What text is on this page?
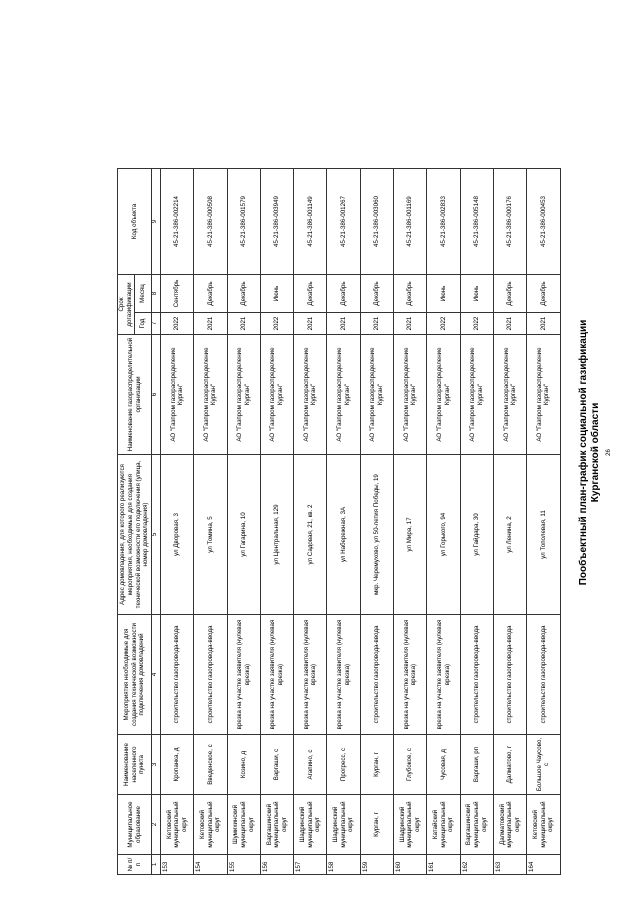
26
Пообъектный план-график социальной газификации Курганской области
№ п/п	Муниципальное образование	Наименование населенного пункта	Мероприятия необходимые для создания технической возможности подключения домовладений	Адрес домовладения, для которого реализуются мероприятия, необходимые для создания технической возможности его подключения (улица, номер домовладения)	Наименование газораспределительной организации	Срок догазификации		Код объекта
						Год	Месяц	
1	2	3	4	5	6	7	8	9
153	Кетовский муниципальный округ	Кропанка, д	строительство газопровода-ввода	ул Дворовая, 3	АО "Газпром газораспределение Курган"	2022	Сентябрь	45-21-386-002214
154	Кетовский муниципальный округ	Введенское, с	строительство газопровода-ввода	ул Томина, 5	АО "Газпром газораспределение Курган"	2021	Декабрь	45-21-386-000508
155	Шумихинский муниципальный округ	Козино, д	врезка на участке заявителя (нулевая врезка)	ул Гагарина, 10	АО "Газпром газораспределение Курган"	2021	Декабрь	45-21-386-001579
156	Варгашинский муниципальный округ	Варгаши, с	врезка на участке заявителя (нулевая врезка)	ул Центральная, 129	АО "Газпром газораспределение Курган"	2022	Июнь	45-21-386-003949
157	Шадринский муниципальный округ	Агапино, с	врезка на участке заявителя (нулевая врезка)	ул Садовая, 21, кв. 2	АО "Газпром газораспределение Курган"	2021	Декабрь	45-21-386-001149
158	Шадринский муниципальный округ	Прогресс, с	врезка на участке заявителя (нулевая врезка)	ул Набережная, 3А	АО "Газпром газораспределение Курган"	2021	Декабрь	45-21-386-001267
159	Курган, г	Курган, г	строительство газопровода-ввода	мкр. Черемухово, ул 50-летия Победы, 19	АО "Газпром газораспределение Курган"	2021	Декабрь	45-21-386-003060
160	Шадринский муниципальный округ	Глубокое, с	врезка на участке заявителя (нулевая врезка)	ул Мира, 17	АО "Газпром газораспределение Курган"	2021	Декабрь	45-21-386-001169
161	Катайский муниципальный округ	Чусовая, д	врезка на участке заявителя (нулевая врезка)	ул Горького, 94	АО "Газпром газораспределение Курган"	2022	Июнь	45-21-386-002833
162	Варгашинский муниципальный округ	Варгаши, рп	строительство газопровода-ввода	ул Гайдара, 30	АО "Газпром газораспределение Курган"	2022	Июнь	45-21-386-005148
163	Далматовский муниципальный округ	Далматово, г	строительство газопровода-ввода	ул Ленина, 2	АО "Газпром газораспределение Курган"	2021	Декабрь	45-21-386-000176
164	Кетовский муниципальный округ	Большое Чаусово, с	строительство газопровода-ввода	ул Тополевая, 11	АО "Газпром газораспределение Курган"	2021	Декабрь	45-21-386-000453
